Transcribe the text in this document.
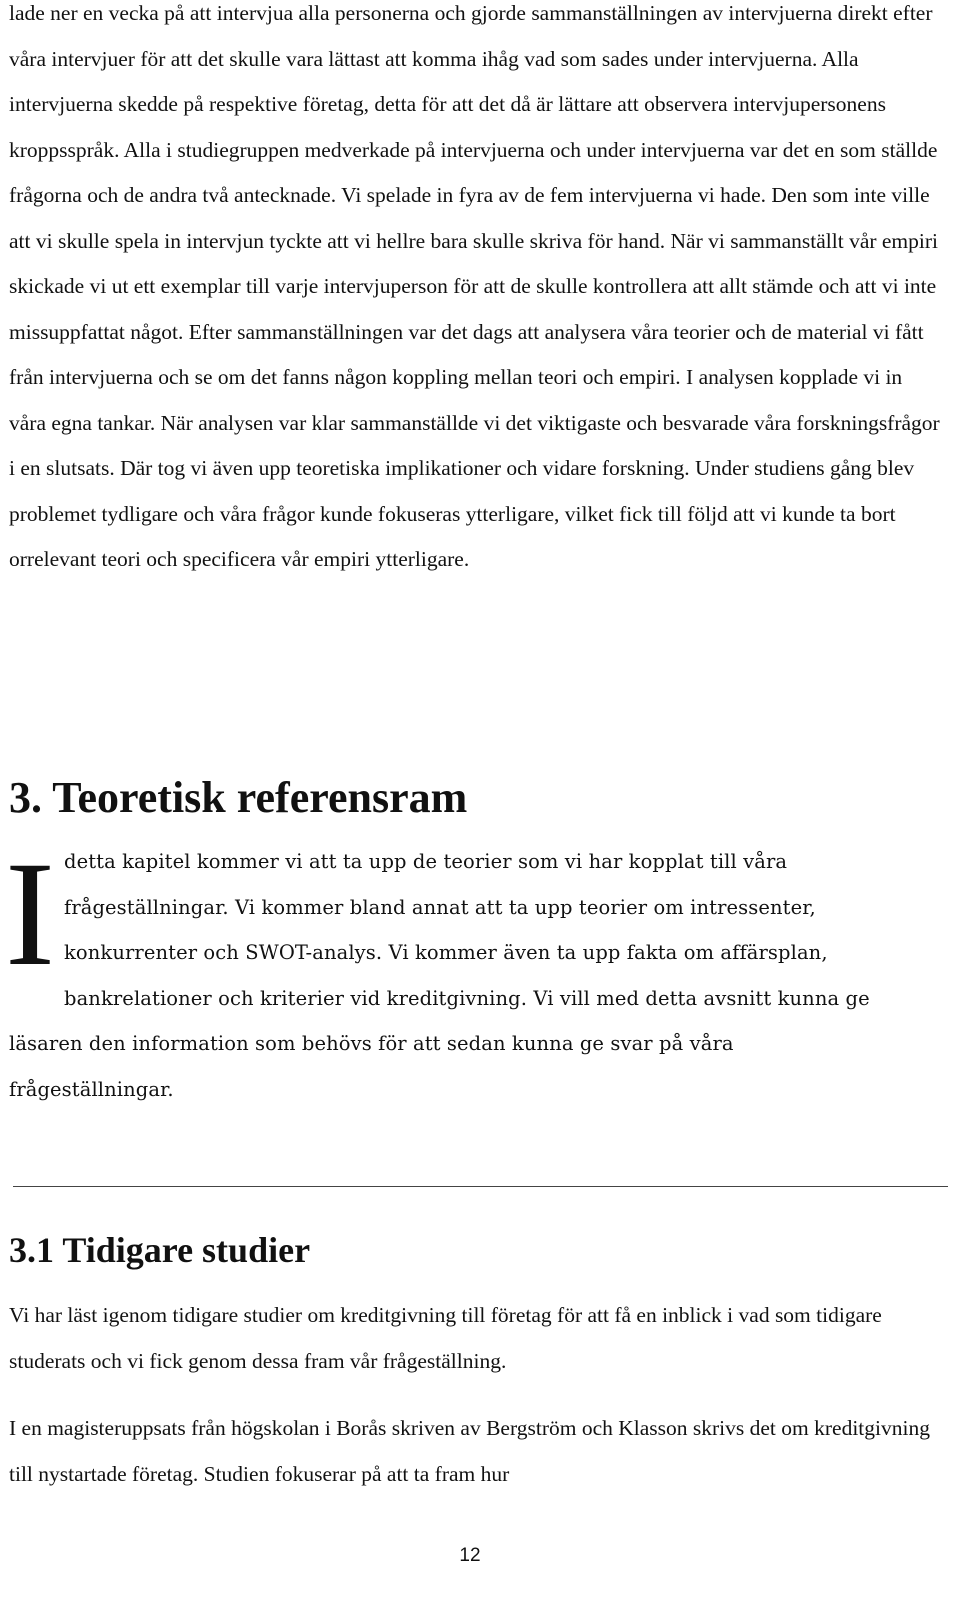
lade ner en vecka på att intervjua alla personerna och gjorde sammanställningen av intervjuerna direkt efter våra intervjuer för att det skulle vara lättast att komma ihåg vad som sades under intervjuerna. Alla intervjuerna skedde på respektive företag, detta för att det då är lättare att observera intervjupersonens kroppsspråk. Alla i studiegruppen medverkade på intervjuerna och under intervjuerna var det en som ställde frågorna och de andra två antecknade. Vi spelade in fyra av de fem intervjuerna vi hade. Den som inte ville att vi skulle spela in intervjun tyckte att vi hellre bara skulle skriva för hand. När vi sammanställt vår empiri skickade vi ut ett exemplar till varje intervjuperson för att de skulle kontrollera att allt stämde och att vi inte missuppfattat något. Efter sammanställningen var det dags att analysera våra teorier och de material vi fått från intervjuerna och se om det fanns någon koppling mellan teori och empiri. I analysen kopplade vi in våra egna tankar. När analysen var klar sammanställde vi det viktigaste och besvarade våra forskningsfrågor i en slutsats. Där tog vi även upp teoretiska implikationer och vidare forskning. Under studiens gång blev problemet tydligare och våra frågor kunde fokuseras ytterligare, vilket fick till följd att vi kunde ta bort orrelevant teori och specificera vår empiri ytterligare.

3. Teoretisk referensram
I detta kapitel kommer vi att ta upp de teorier som vi har kopplat till våra
frågeställningar. Vi kommer bland annat att ta upp teorier om intressenter,
konkurrenter och SWOT-analys. Vi kommer även ta upp fakta om affärsplan,
bankrelationer och kriterier vid kreditgivning. Vi vill med detta avsnitt kunna ge
läsaren den information som behövs för att sedan kunna ge svar på våra
frågeställningar.

3.1 Tidigare studier

Vi har läst igenom tidigare studier om kreditgivning till företag för att få en inblick i vad som tidigare studerats och vi fick genom dessa fram vår frågeställning.

I en magisteruppsats från högskolan i Borås skriven av Bergström och Klasson skrivs det om kreditgivning till nystartade företag. Studien fokuserar på att ta fram hur

12
